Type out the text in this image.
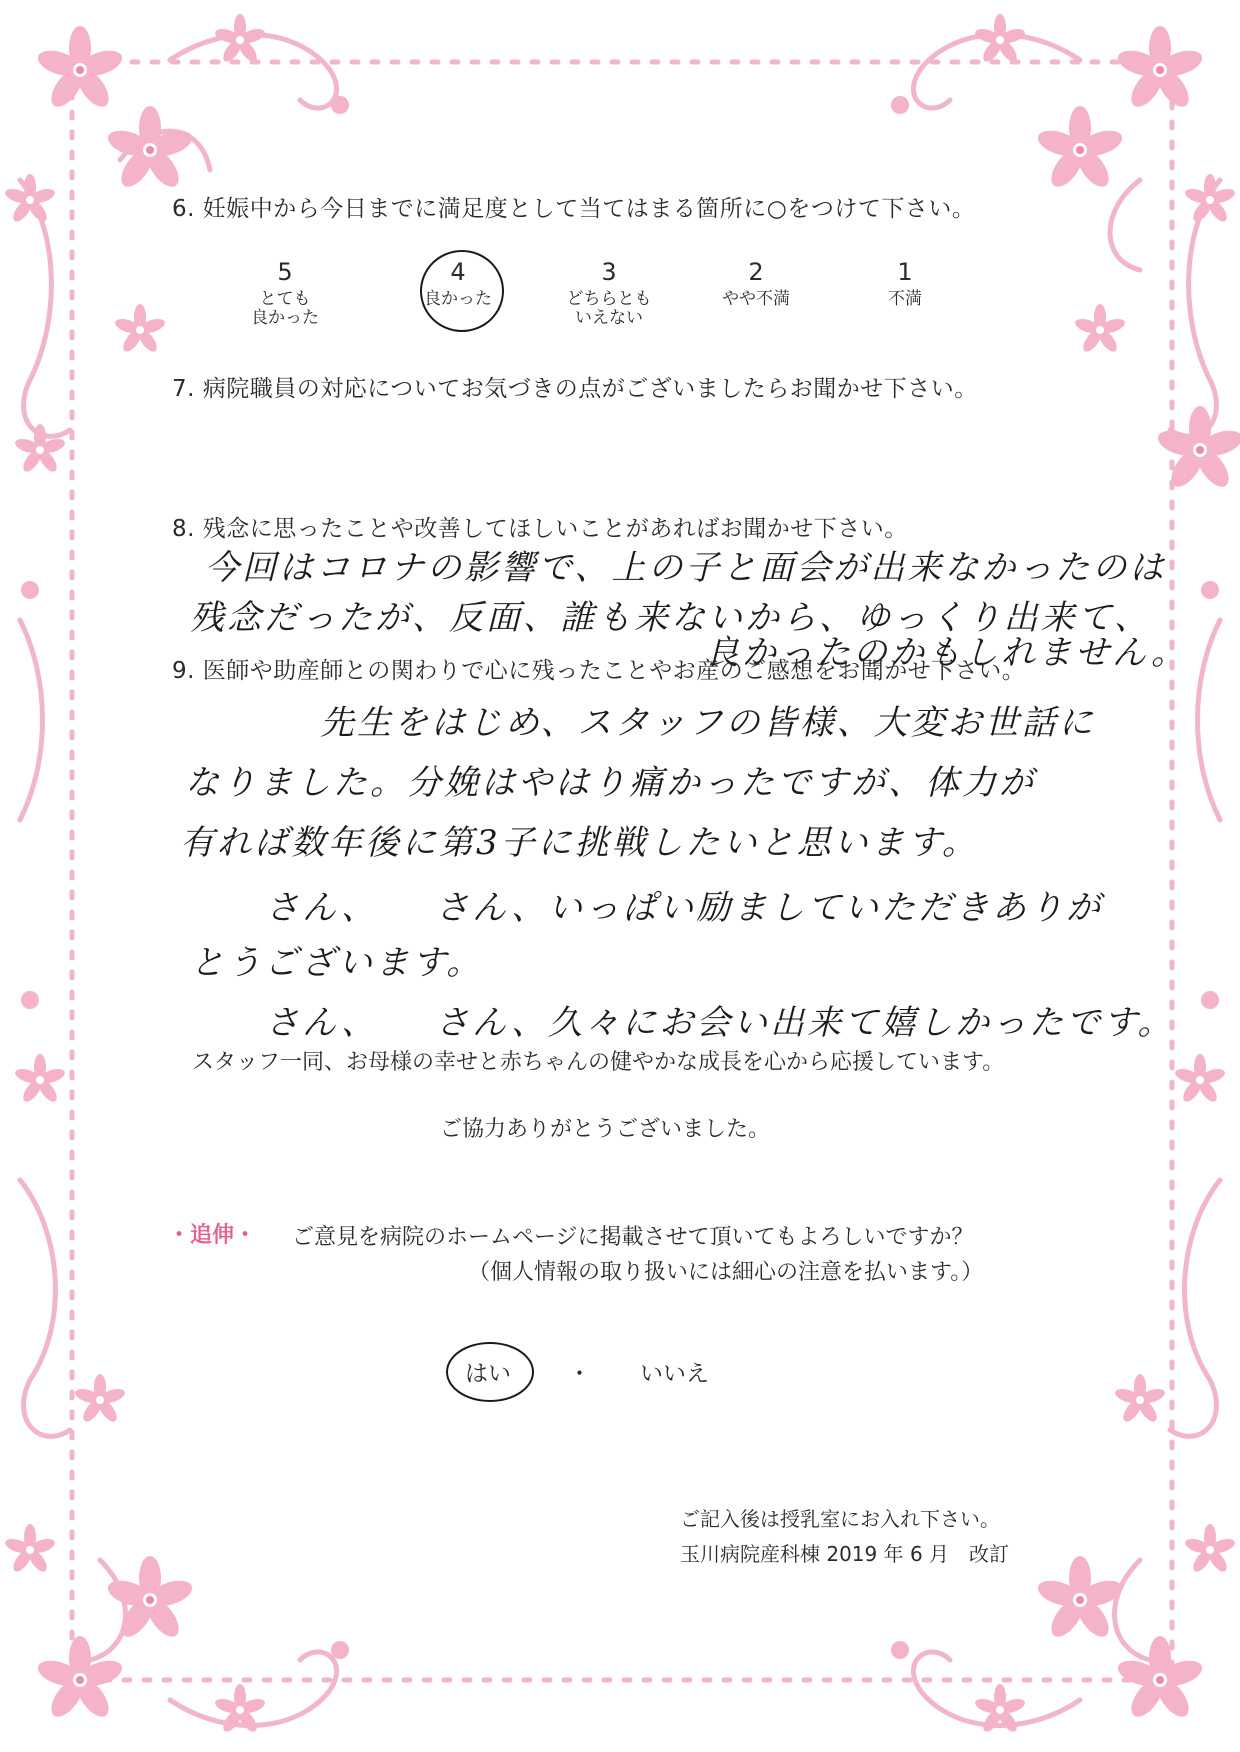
6. 妊娠中から今日までに満足度として当てはまる箇所に○をつけて下さい。
5
とても
良かった
4
良かった
3
どちらとも
いえない
2
やや不満
1
不満
7. 病院職員の対応についてお気づきの点がございましたらお聞かせ下さい。
8. 残念に思ったことや改善してほしいことがあればお聞かせ下さい。
今回はコロナの影響で、上の子と面会が出来なかったのは
残念だったが、反面、誰も来ないから、ゆっくり出来て、
良かったのかもしれません。
9. 医師や助産師との関わりで心に残ったことやお産のご感想をお聞かせ下さい。
先生をはじめ、スタッフの皆様、大変お世話に
なりました。分娩はやはり痛かったですが、体力が
有れば数年後に第3子に挑戦したいと思います。
さん、　　さん、いっぱい励ましていただきありが
とうございます。
さん、　　さん、久々にお会い出来て嬉しかったです。
スタッフ一同、お母様の幸せと赤ちゃんの健やかな成長を心から応援しています。
ご協力ありがとうございました。
・追伸・ ご意見を病院のホームページに掲載させて頂いてもよろしいですか？
（個人情報の取り扱いには細心の注意を払います。）
はい ・ いいえ
ご記入後は授乳室にお入れ下さい。
玉川病院産科棟 2019 年 6 月　改訂
